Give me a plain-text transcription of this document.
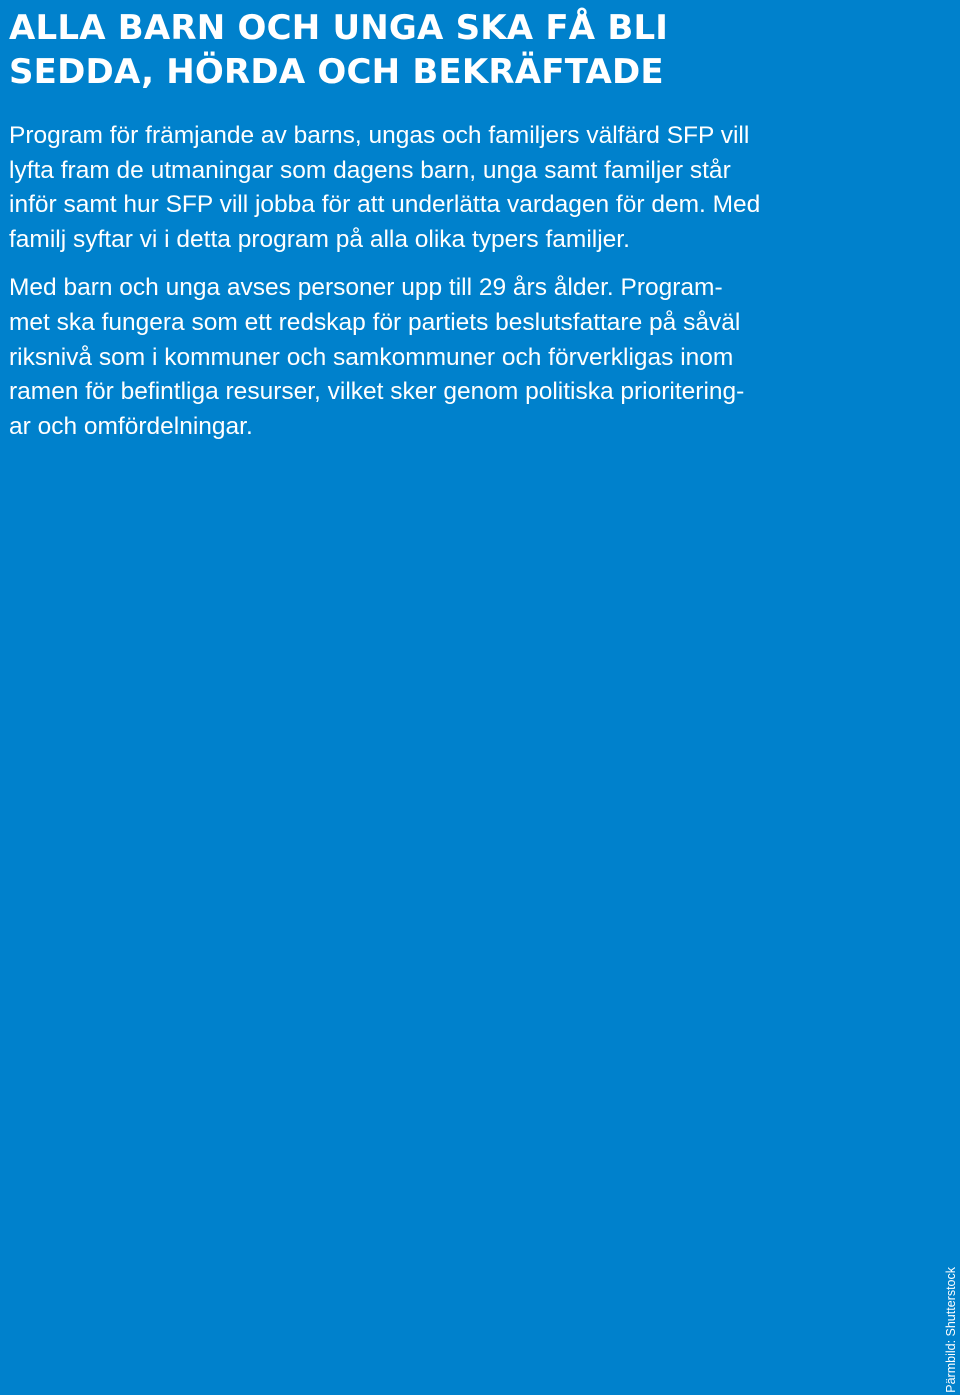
ALLA BARN OCH UNGA SKA FÅ BLI
SEDDA, HÖRDA OCH BEKRÄFTADE

Program för främjande av barns, ungas och familjers välfärd SFP vill
lyfta fram de utmaningar som dagens barn, unga samt familjer står
inför samt hur SFP vill jobba för att underlätta vardagen för dem. Med
familj syftar vi i detta program på alla olika typers familjer.

Med barn och unga avses personer upp till 29 års ålder. Program-
met ska fungera som ett redskap för partiets beslutsfattare på såväl
riksnivå som i kommuner och samkommuner och förverkligas inom
ramen för befintliga resurser, vilket sker genom politiska prioritering-
ar och omfördelningar.

Pärmbild: Shutterstock
